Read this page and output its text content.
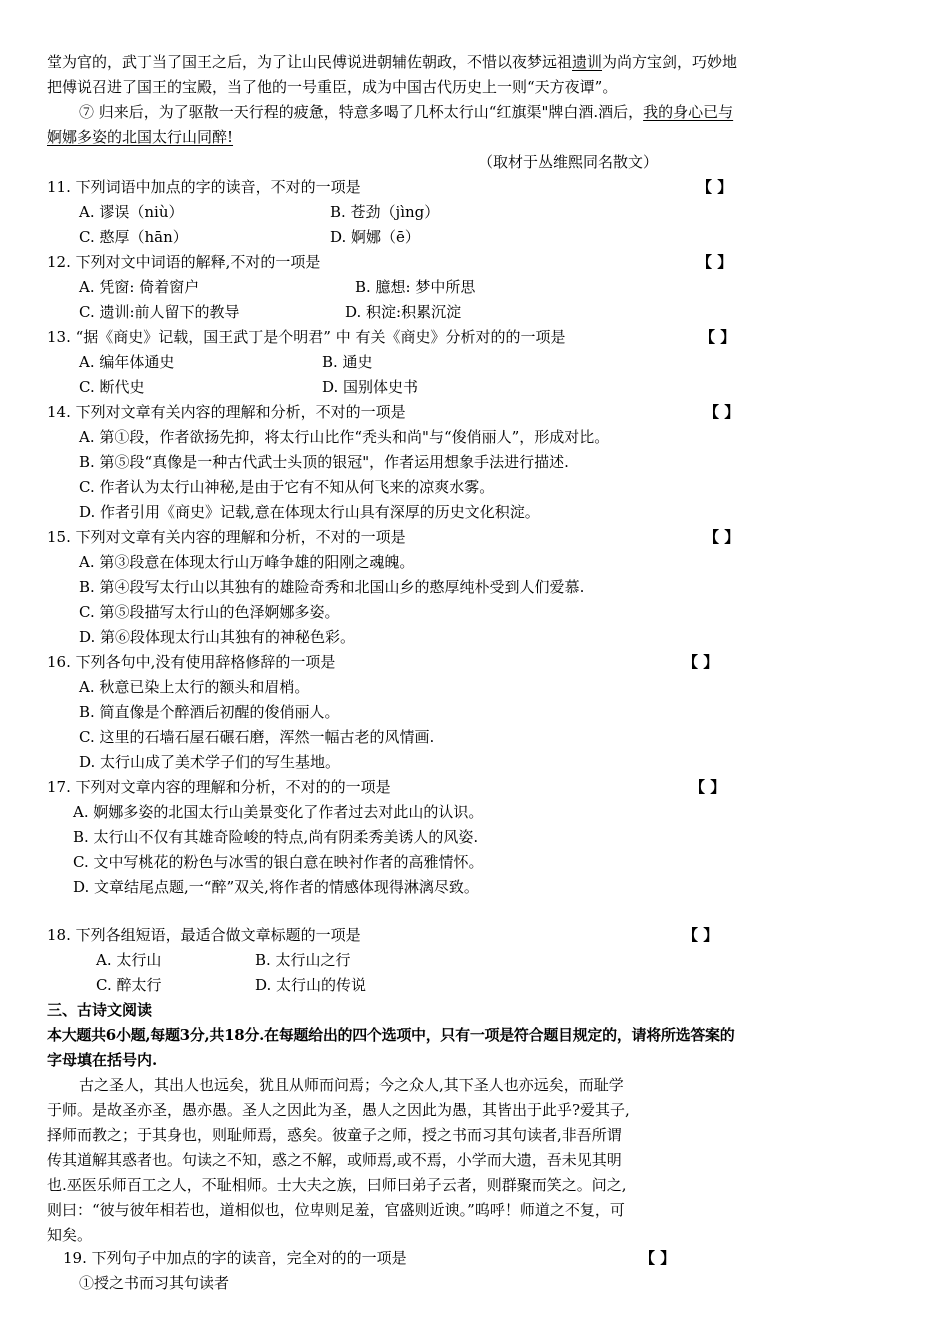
堂为官的，武丁当了国王之后，为了让山民傅说进朝辅佐朝政，不惜以夜梦远祖遗训为尚方宝剑，巧妙地
把傅说召进了国王的宝殿，当了他的一号重臣，成为中国古代历史上一则“天方夜谭”。
⑦ 归来后，为了驱散一天行程的疲惫，特意多喝了几杯太行山“红旗渠"牌白酒.酒后，我的身心已与
婀娜多姿的北国太行山同醉!
（取材于丛维熙同名散文）
11. 下列词语中加点的字的读音，不对的一项是	【 】
A. 谬误（niù）	B. 苍劲（jìng）
C. 憨厚（hān）	D. 婀娜（ē）
12. 下列对文中词语的解释,不对的一项是	【 】
A. 凭窗: 倚着窗户	B. 臆想: 梦中所思
C. 遗训:前人留下的教导	D. 积淀:积累沉淀
13. “据《商史》记载，国王武丁是个明君” 中 有关《商史》分析对的的一项是	【 】
A. 编年体通史	B. 通史
C. 断代史	D. 国别体史书
14. 下列对文章有关内容的理解和分析，不对的一项是	【 】
A. 第①段，作者欲扬先抑，将太行山比作“秃头和尚"与“俊俏丽人”，形成对比。
B. 第⑤段“真像是一种古代武士头顶的银冠"，作者运用想象手法进行描述.
C. 作者认为太行山神秘,是由于它有不知从何飞来的凉爽水雾。
D. 作者引用《商史》记载,意在体现太行山具有深厚的历史文化积淀。
15. 下列对文章有关内容的理解和分析，不对的一项是	【 】
A. 第③段意在体现太行山万峰争雄的阳刚之魂魄。
B. 第④段写太行山以其独有的雄险奇秀和北国山乡的憨厚纯朴受到人们爱慕.
C. 第⑤段描写太行山的色泽婀娜多姿。
D. 第⑥段体现太行山其独有的神秘色彩。
16. 下列各句中,没有使用辞格修辞的一项是	【 】
A. 秋意已染上太行的额头和眉梢。
B. 简直像是个醉酒后初醒的俊俏丽人。
C. 这里的石墙石屋石碾石磨，浑然一幅古老的风情画.
D. 太行山成了美术学子们的写生基地。
17. 下列对文章内容的理解和分析，不对的的一项是	【 】
A. 婀娜多姿的北国太行山美景变化了作者过去对此山的认识。
B. 太行山不仅有其雄奇险峻的特点,尚有阴柔秀美诱人的风姿.
C. 文中写桃花的粉色与冰雪的银白意在映衬作者的高雅情怀。
D. 文章结尾点题,一“醉”双关,将作者的情感体现得淋漓尽致。
18. 下列各组短语，最适合做文章标题的一项是	【 】
A. 太行山	B. 太行山之行
C. 醉太行	D. 太行山的传说
三、古诗文阅读
本大题共6小题,每题3分,共18分.在每题给出的四个选项中，只有一项是符合题目规定的，请将所选答案的
字母填在括号内.
古之圣人，其出人也远矣，犹且从师而问焉；今之众人,其下圣人也亦远矣，而耻学
于师。是故圣亦圣，愚亦愚。圣人之因此为圣，愚人之因此为愚，其皆出于此乎?爱其子,
择师而教之；于其身也，则耻师焉，惑矣。彼童子之师，授之书而习其句读者,非吾所谓
传其道解其惑者也。句读之不知，惑之不解，或师焉,或不焉，小学而大遗，吾未见其明
也.巫医乐师百工之人，不耻相师。士大夫之族，曰师曰弟子云者，则群聚而笑之。问之,
则曰：“彼与彼年相若也，道相似也，位卑则足羞，官盛则近谀。”呜呼！师道之不复，可
知矣。
19. 下列句子中加点的字的读音，完全对的的一项是	【 】
①授之书而习其句读者
